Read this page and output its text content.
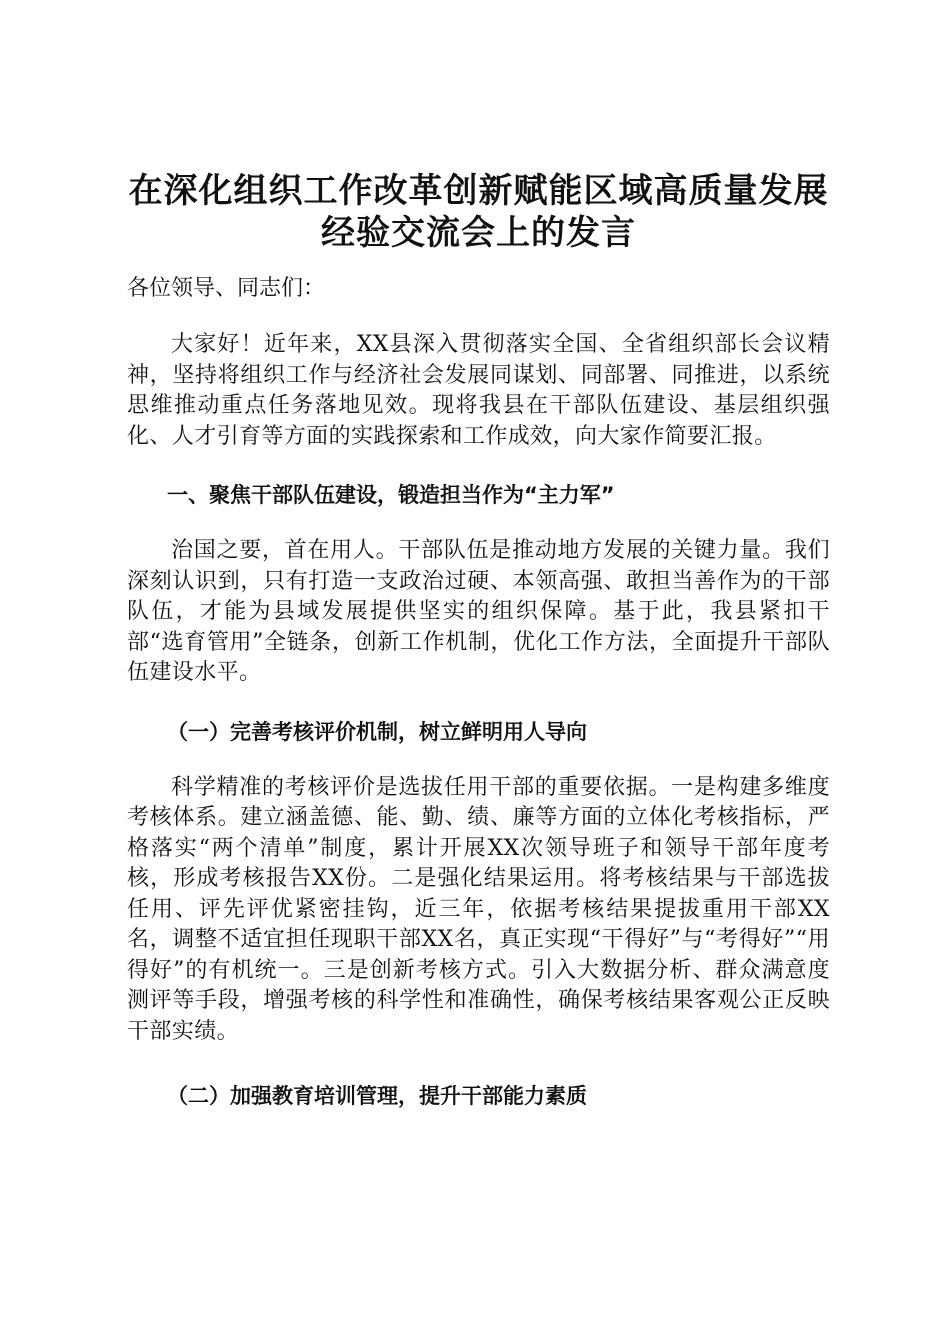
在深化组织工作改革创新赋能区域高质量发展
经验交流会上的发言

各位领导、同志们：

大家好！近年来，XX县深入贯彻落实全国、全省组织部长会议精神，坚持将组织工作与经济社会发展同谋划、同部署、同推进，以系统思维推动重点任务落地见效。现将我县在干部队伍建设、基层组织强化、人才引育等方面的实践探索和工作成效，向大家作简要汇报。

一、聚焦干部队伍建设，锻造担当作为“主力军”

治国之要，首在用人。干部队伍是推动地方发展的关键力量。我们深刻认识到，只有打造一支政治过硬、本领高强、敢担当善作为的干部队伍，才能为县域发展提供坚实的组织保障。基于此，我县紧扣干部“选育管用”全链条，创新工作机制，优化工作方法，全面提升干部队伍建设水平。

（一）完善考核评价机制，树立鲜明用人导向

科学精准的考核评价是选拔任用干部的重要依据。一是构建多维度考核体系。建立涵盖德、能、勤、绩、廉等方面的立体化考核指标，严格落实“两个清单”制度，累计开展XX次领导班子和领导干部年度考核，形成考核报告XX份。二是强化结果运用。将考核结果与干部选拔任用、评先评优紧密挂钩，近三年，依据考核结果提拔重用干部XX名，调整不适宜担任现职干部XX名，真正实现“干得好”与“考得好”“用得好”的有机统一。三是创新考核方式。引入大数据分析、群众满意度测评等手段，增强考核的科学性和准确性，确保考核结果客观公正反映干部实绩。

（二）加强教育培训管理，提升干部能力素质
